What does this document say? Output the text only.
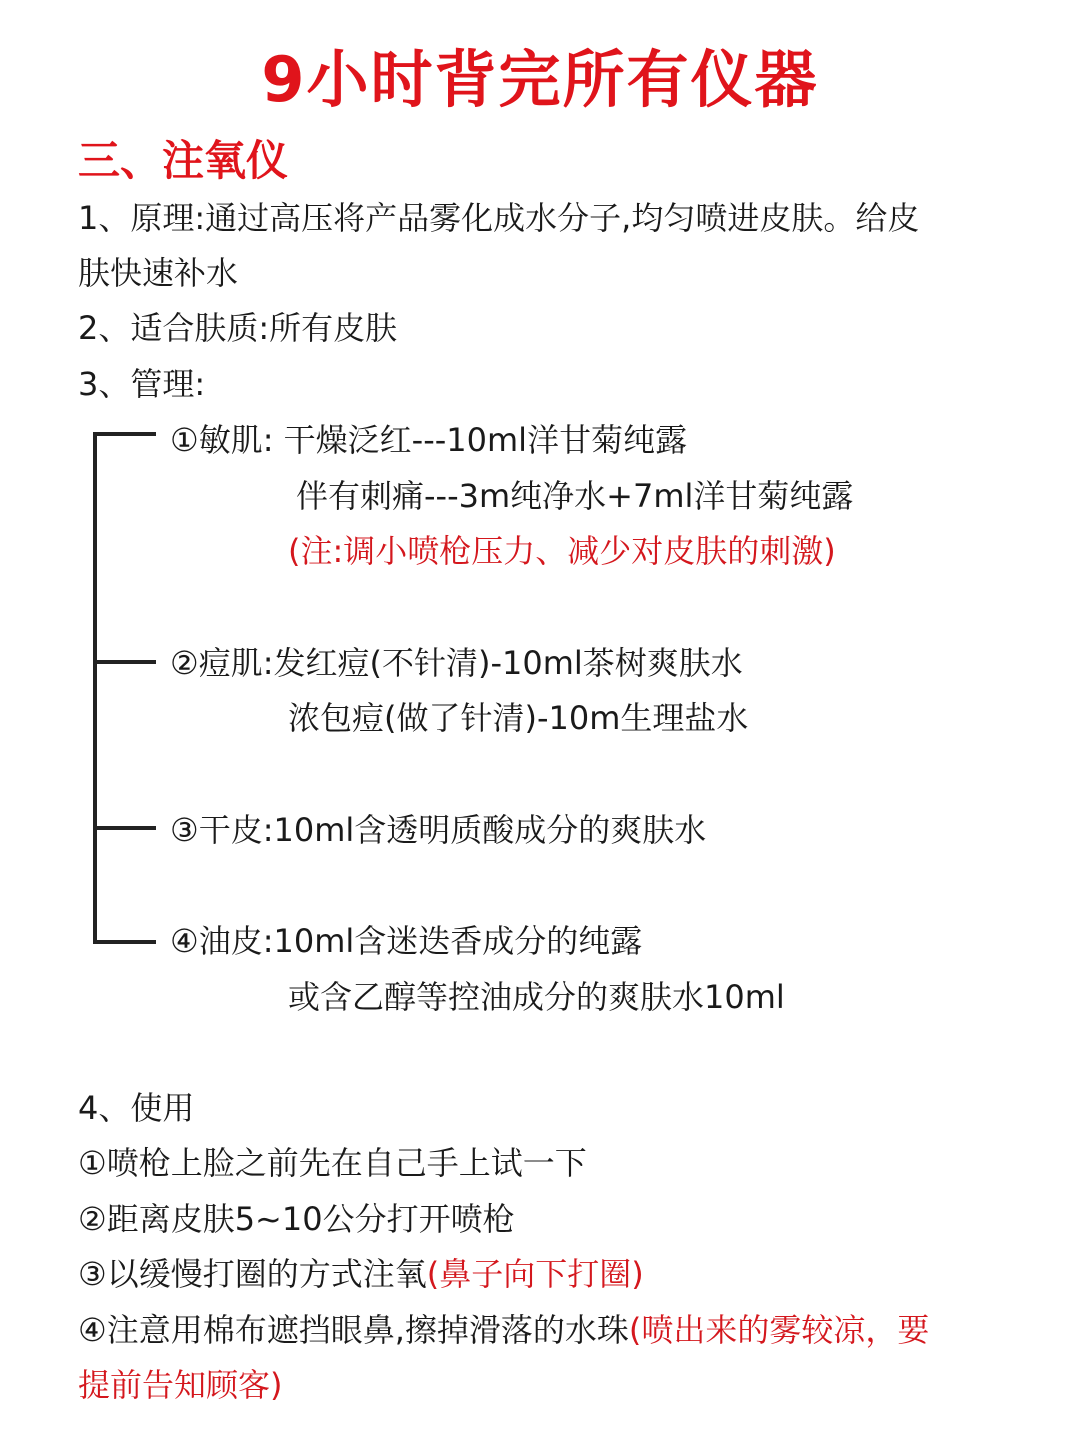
9小时背完所有仪器
三、注氧仪
1、原理:通过高压将产品雾化成水分子,均匀喷进皮肤。给皮
肤快速补水
2、适合肤质:所有皮肤
3、管理:
①敏肌: 干燥泛红---10ml洋甘菊纯露
伴有刺痛---3m纯净水+7ml洋甘菊纯露
(注:调小喷枪压力、减少对皮肤的刺激)
②痘肌:发红痘(不针清)-10ml茶树爽肤水
浓包痘(做了针清)-10m生理盐水
③干皮:10ml含透明质酸成分的爽肤水
④油皮:10ml含迷迭香成分的纯露
或含乙醇等控油成分的爽肤水10ml
4、使用
①喷枪上脸之前先在自己手上试一下
②距离皮肤5~10公分打开喷枪
③以缓慢打圈的方式注氧(鼻子向下打圈)
④注意用棉布遮挡眼鼻,擦掉滑落的水珠(喷出来的雾较凉，要
提前告知顾客)
